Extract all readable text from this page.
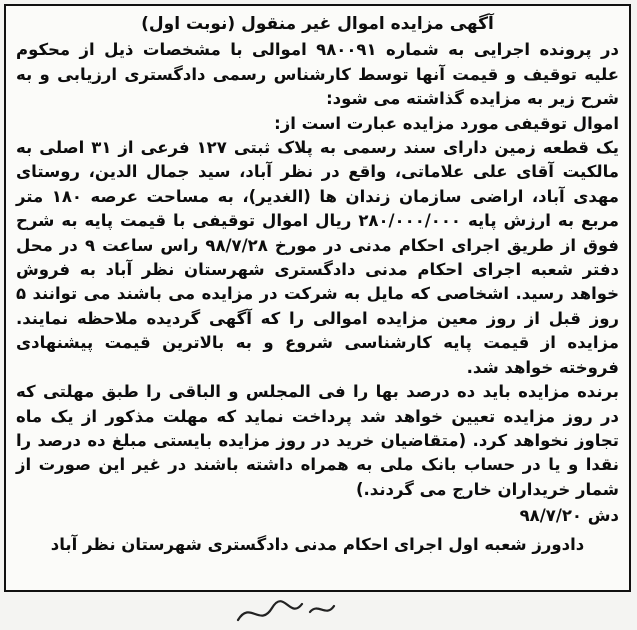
آگهی مزایده اموال غیر منقول (نوبت اول)

در پرونده اجرایی به شماره ۹۸۰۰۹۱ اموالی با مشخصات ذیل از محکوم علیه توقیف و قیمت آنها توسط کارشناس رسمی دادگستری ارزیابی و به شرح زیر به مزایده گذاشته می شود:

اموال توقیفی مورد مزایده عبارت است از:

یک قطعه زمین دارای سند رسمی به پلاک ثبتی ۱۲۷ فرعی از ۳۱ اصلی به مالکیت آقای علی علاماتی، واقع در نظر آباد، سید جمال الدین، روستای مهدی آباد، اراضی سازمان زندان ها (الغدیر)، به مساحت عرصه ۱۸۰ متر مربع به ارزش پایه ۲۸۰/۰۰۰/۰۰۰ ریال اموال توقیفی با قیمت پایه به شرح فوق از طریق اجرای احکام مدنی در مورخ ۹۸/۷/۲۸ راس ساعت ۹ در محل دفتر شعبه اجرای احکام مدنی دادگستری شهرستان نظر آباد به فروش خواهد رسید. اشخاصی که مایل به شرکت در مزایده می باشند می توانند ۵ روز قبل از روز معین مزایده اموالی را که آگهی گردیده ملاحظه نمایند. مزایده از قیمت پایه کارشناسی شروع و به بالاترین قیمت پیشنهادی فروخته خواهد شد.

برنده مزایده باید ده درصد بها را فی المجلس و الباقی را طبق مهلتی که در روز مزایده تعیین خواهد شد پرداخت نماید که مهلت مذکور از یک ماه تجاوز نخواهد کرد. (متقاضیان خرید در روز مزایده بایستی مبلغ ده درصد را نقدا و یا در حساب بانک ملی به همراه داشته باشند در غیر این صورت از شمار خریداران خارج می گردند.)

دش ۹۸/۷/۲۰
دادورز شعبه اول اجرای احکام مدنی دادگستری شهرستان نظر آباد
